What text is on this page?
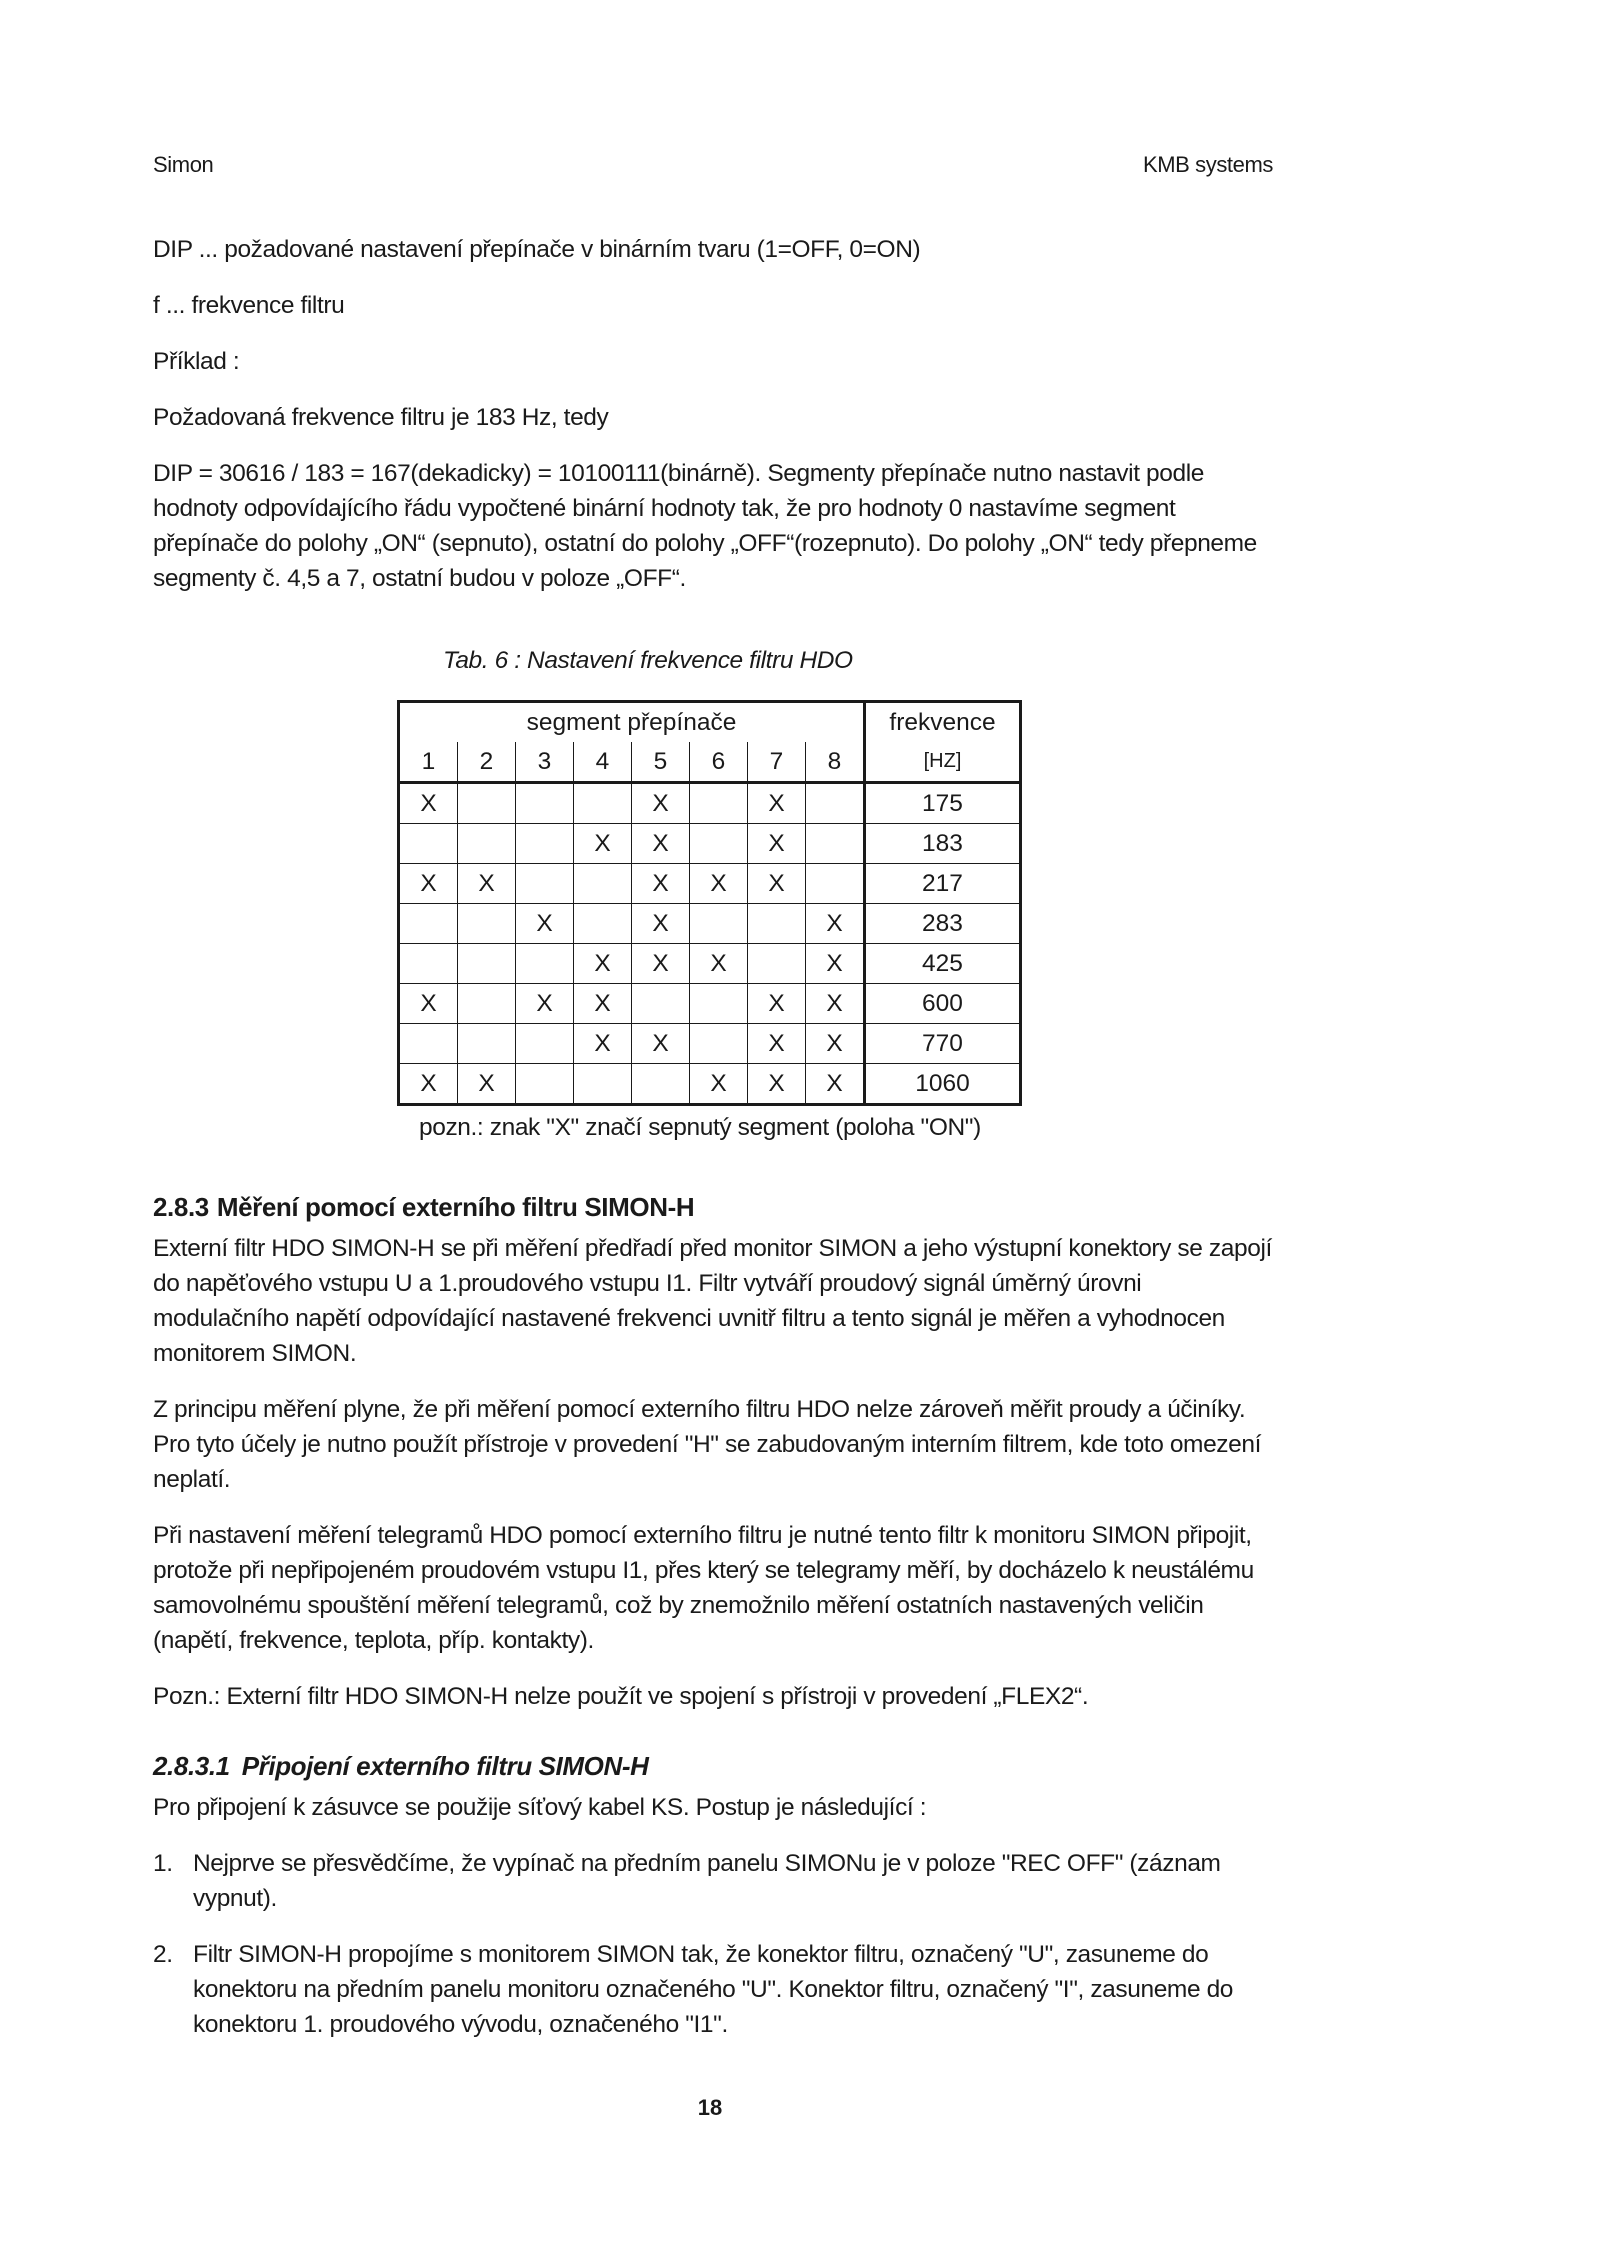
Simon	KMB systems

DIP ... požadované nastavení přepínače v binárním tvaru (1=OFF, 0=ON)

f ... frekvence filtru

Příklad :

Požadovaná frekvence filtru je 183 Hz, tedy

DIP = 30616 / 183 = 167(dekadicky) = 10100111(binárně). Segmenty přepínače nutno nastavit podle hodnoty odpovídajícího řádu vypočtené binární hodnoty tak, že pro hodnoty 0 nastavíme segment přepínače do polohy „ON“ (sepnuto), ostatní do polohy „OFF“(rozepnuto). Do polohy „ON“ tedy přepneme segmenty č. 4,5 a 7, ostatní budou v poloze „OFF“.

Tab. 6 : Nastavení frekvence filtru HDO
segment přepínače								frekvence
1	2	3	4	5	6	7	8	[HZ]
X				X		X		175
			X	X		X		183
X	X			X	X	X		217
		X		X			X	283
			X	X	X		X	425
X		X	X			X	X	600
			X	X		X	X	770
X	X				X	X	X	1060
pozn.: znak "X" značí sepnutý segment (poloha "ON")
2.8.3 Měření pomocí externího filtru SIMON-H

Externí filtr HDO SIMON-H se při měření předřadí před monitor SIMON a jeho výstupní konektory se zapojí do napěťového vstupu U a 1.proudového vstupu I1. Filtr vytváří proudový signál úměrný úrovni modulačního napětí odpovídající nastavené frekvenci uvnitř filtru a tento signál je měřen a vyhodnocen monitorem SIMON.

Z principu měření plyne, že při měření pomocí externího filtru HDO nelze zároveň měřit proudy a účiníky. Pro tyto účely je nutno použít přístroje v provedení "H" se zabudovaným interním filtrem, kde toto omezení neplatí.

Při nastavení měření telegramů HDO pomocí externího filtru je nutné tento filtr k monitoru SIMON připojit, protože při nepřipojeném proudovém vstupu I1, přes který se telegramy měří, by docházelo k neustálému samovolnému spouštění měření telegramů, což by znemožnilo měření ostatních nastavených veličin (napětí, frekvence, teplota, příp. kontakty).

Pozn.: Externí filtr HDO SIMON-H nelze použít ve spojení s přístroji v provedení „FLEX2“.

2.8.3.1 Připojení externího filtru SIMON-H

Pro připojení k zásuvce se použije síťový kabel KS. Postup je následující :

1. Nejprve se přesvědčíme, že vypínač na předním panelu SIMONu je v poloze "REC OFF" (záznam vypnut).
2. Filtr SIMON-H propojíme s monitorem SIMON tak, že konektor filtru, označený "U", zasuneme do konektoru na předním panelu monitoru označeného "U". Konektor filtru, označený "I", zasuneme do konektoru 1. proudového vývodu, označeného "I1".
18
